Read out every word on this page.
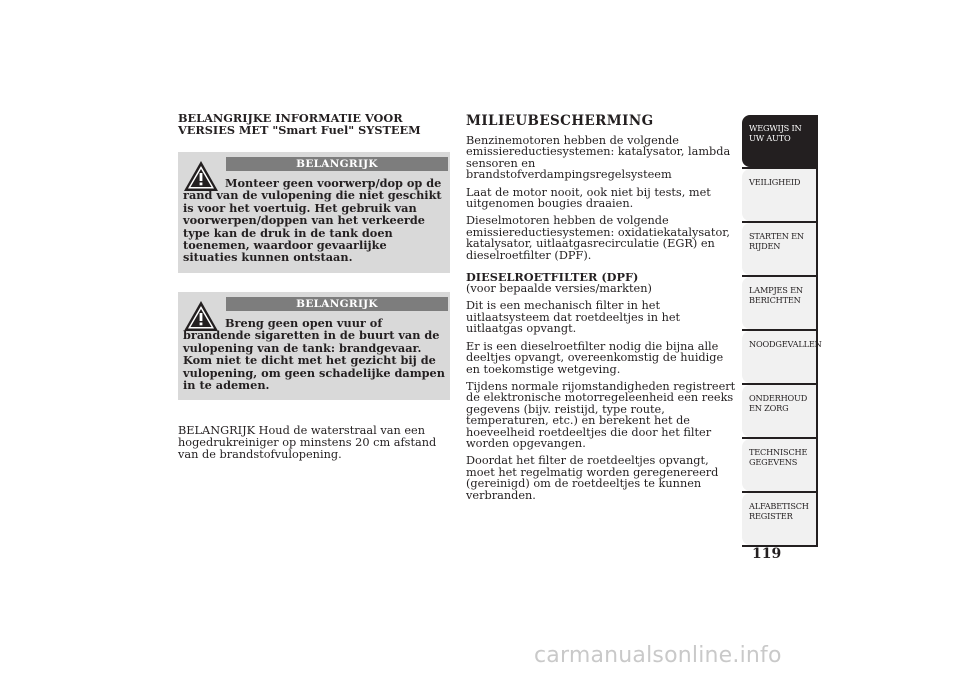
BELANGRIJKE INFORMATIE VOOR VERSIES MET "Smart Fuel" SYSTEEM

BELANGRIJK
Monteer geen voorwerp/dop op de rand van de vulopening die niet geschikt is voor het voertuig. Het gebruik van voorwerpen/doppen van het verkeerde type kan de druk in de tank doen toenemen, waardoor gevaarlijke situaties kunnen ontstaan.
BELANGRIJK
Breng geen open vuur of brandende sigaretten in de buurt van de vulopening van de tank: brandgevaar. Kom niet te dicht met het gezicht bij de vulopening, om geen schadelijke dampen in te ademen.

BELANGRIJK Houd de waterstraal van een hogedrukreiniger op minstens 20 cm afstand van de brandstofvulopening.

MILIEUBESCHERMING

Benzinemotoren hebben de volgende emissiereductiesystemen: katalysator, lambda sensoren en brandstofverdampingsregelsysteem

Laat de motor nooit, ook niet bij tests, met uitgenomen bougies draaien.

Dieselmotoren hebben de volgende emissiereductiesystemen: oxidatiekatalysator, katalysator, uitlaatgasrecirculatie (EGR) en dieselroetfilter (DPF).

DIESELROETFILTER (DPF)

(voor bepaalde versies/markten)

Dit is een mechanisch filter in het uitlaatsysteem dat roetdeeltjes in het uitlaatgas opvangt.

Er is een dieselroetfilter nodig die bijna alle deeltjes opvangt, overeenkomstig de huidige en toekomstige wetgeving.

Tijdens normale rijomstandigheden registreert de elektronische motorregeleenheid een reeks gegevens (bijv. reistijd, type route, temperaturen, etc.) en berekent het de hoeveelheid roetdeeltjes die door het filter worden opgevangen.

Doordat het filter de roetdeeltjes opvangt, moet het regelmatig worden geregenereerd (gereinigd) om de roetdeeltjes te kunnen verbranden.

WEGWIJS IN UW AUTO
VEILIGHEID
STARTEN EN RIJDEN
LAMPJES EN BERICHTEN
NOODGEVALLEN
ONDERHOUD EN ZORG
TECHNISCHE GEGEVENS
ALFABETISCH REGISTER
119
carmanualsonline.info
